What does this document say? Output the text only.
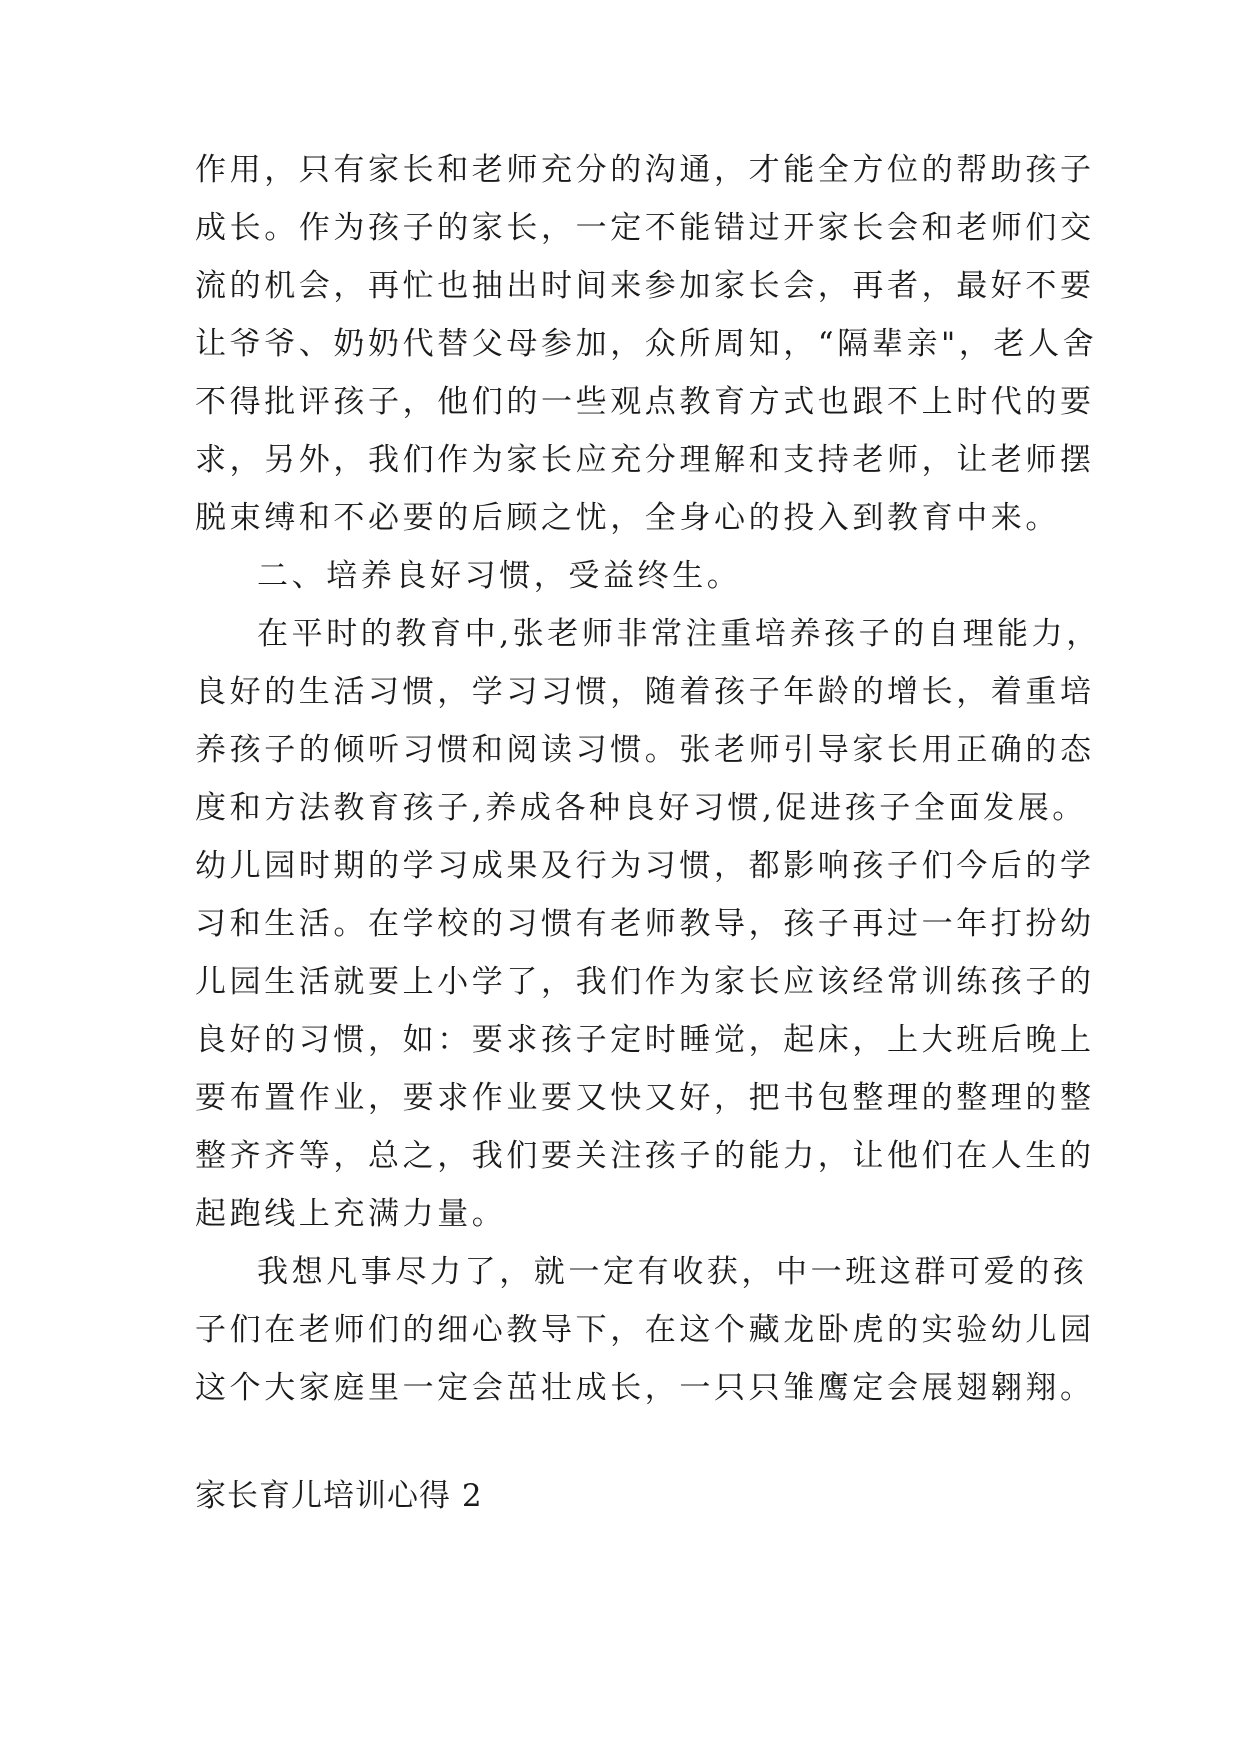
作用，只有家长和老师充分的沟通，才能全方位的帮助孩子

成长。作为孩子的家长，一定不能错过开家长会和老师们交

流的机会，再忙也抽出时间来参加家长会，再者，最好不要

让爷爷、奶奶代替父母参加，众所周知，“隔辈亲"，老人舍

不得批评孩子，他们的一些观点教育方式也跟不上时代的要

求，另外，我们作为家长应充分理解和支持老师，让老师摆

脱束缚和不必要的后顾之忧，全身心的投入到教育中来。

二、培养良好习惯，受益终生。

在平时的教育中,张老师非常注重培养孩子的自理能力，

良好的生活习惯，学习习惯，随着孩子年龄的增长，着重培

养孩子的倾听习惯和阅读习惯。张老师引导家长用正确的态

度和方法教育孩子,养成各种良好习惯,促进孩子全面发展。

幼儿园时期的学习成果及行为习惯，都影响孩子们今后的学

习和生活。在学校的习惯有老师教导，孩子再过一年打扮幼

儿园生活就要上小学了，我们作为家长应该经常训练孩子的

良好的习惯，如：要求孩子定时睡觉，起床，上大班后晚上

要布置作业，要求作业要又快又好，把书包整理的整理的整

整齐齐等，总之，我们要关注孩子的能力，让他们在人生的

起跑线上充满力量。

我想凡事尽力了，就一定有收获，中一班这群可爱的孩

子们在老师们的细心教导下，在这个藏龙卧虎的实验幼儿园

这个大家庭里一定会茁壮成长，一只只雏鹰定会展翅翱翔。

家长育儿培训心得 2
